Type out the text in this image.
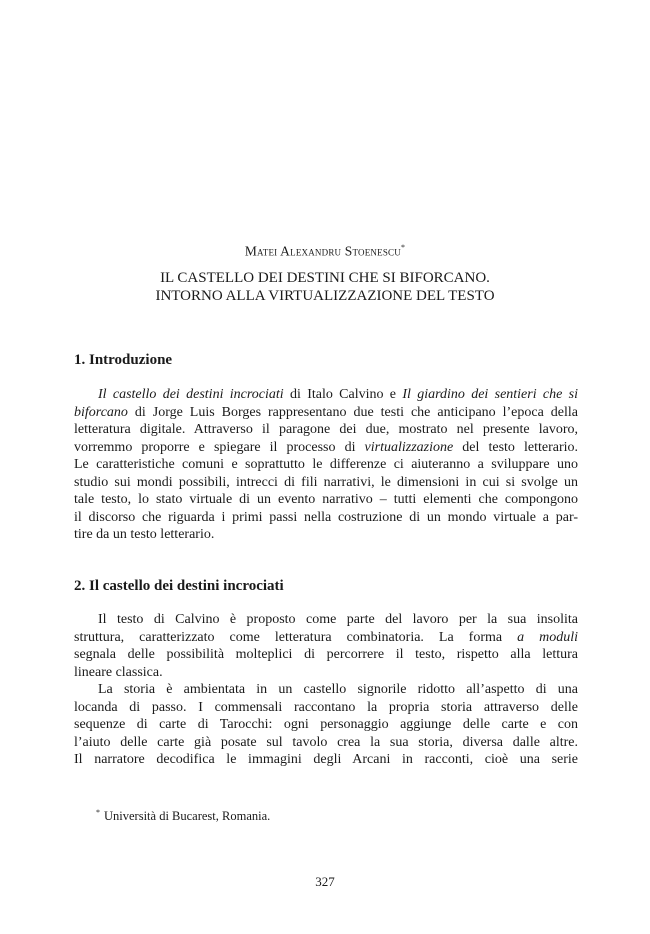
Matei Alexandru Stoenescu*
IL CASTELLO DEI DESTINI CHE SI BIFORCANO.
INTORNO ALLA VIRTUALIZZAZIONE DEL TESTO
1. Introduzione
Il castello dei destini incrociati di Italo Calvino e Il giardino dei sentieri che si
biforcano di Jorge Luis Borges rappresentano due testi che anticipano l’epoca della
letteratura digitale. Attraverso il paragone dei due, mostrato nel presente lavoro,
vorremmo proporre e spiegare il processo di virtualizzazione del testo letterario.
Le caratteristiche comuni e soprattutto le differenze ci aiuteranno a sviluppare uno
studio sui mondi possibili, intrecci di fili narrativi, le dimensioni in cui si svolge un
tale testo, lo stato virtuale di un evento narrativo – tutti elementi che compongono
il discorso che riguarda i primi passi nella costruzione di un mondo virtuale a par-
tire da un testo letterario.
2. Il castello dei destini incrociati
Il testo di Calvino è proposto come parte del lavoro per la sua insolita
struttura, caratterizzato come letteratura combinatoria. La forma a moduli
segnala delle possibilità molteplici di percorrere il testo, rispetto alla lettura
lineare classica.
La storia è ambientata in un castello signorile ridotto all’aspetto di una
locanda di passo. I commensali raccontano la propria storia attraverso delle
sequenze di carte di Tarocchi: ogni personaggio aggiunge delle carte e con
l’aiuto delle carte già posate sul tavolo crea la sua storia, diversa dalle altre.
Il narratore decodifica le immagini degli Arcani in racconti, cioè una serie
* Università di Bucarest, Romania.
327
